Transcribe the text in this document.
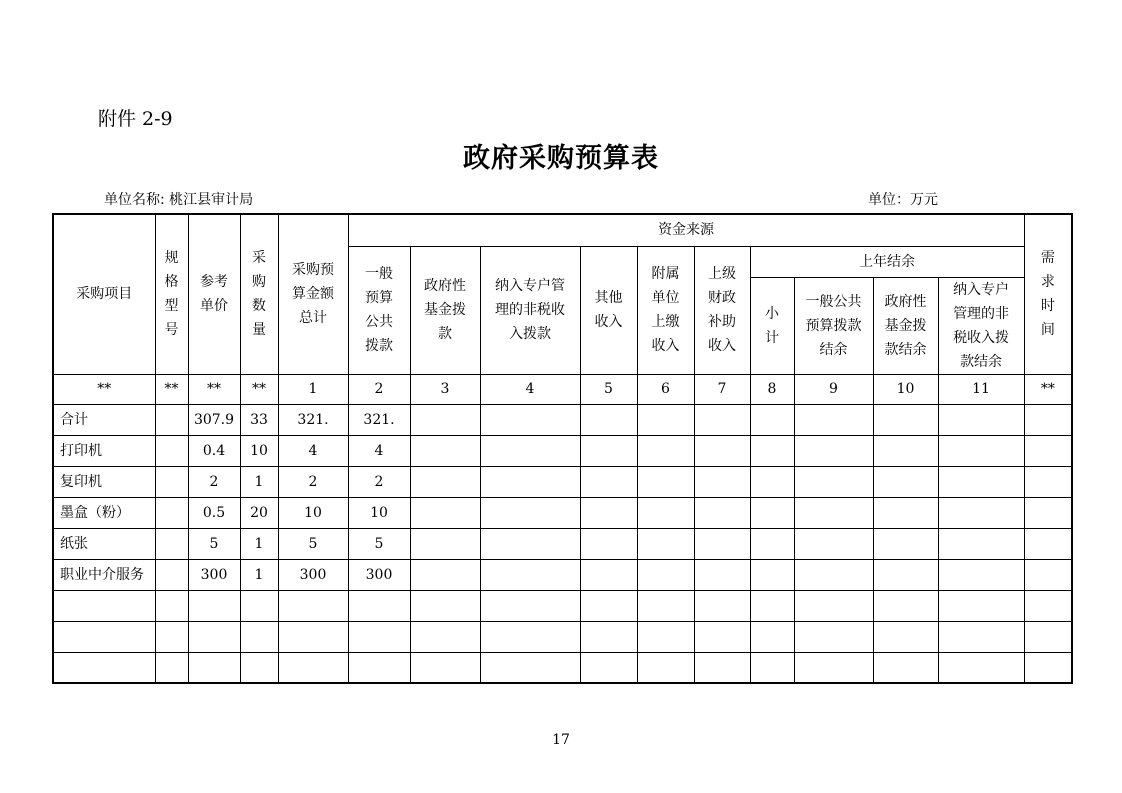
附件 2-9
政府采购预算表
单位名称: 桃江县审计局	单位：万元
采购项目	规
格
型
号	参考
单价	采
购
数
量	采购预
算金额
总计	资金来源										需
求
时
间
					一般
预算
公共
拨款	政府性
基金拨
款	纳入专户管
理的非税收
入拨款	其他
收入	附属
单位
上缴
收入	上级
财政
补助
收入	上年结余				
											小
计	一般公共
预算拨款
结余	政府性
基金拨
款结余	纳入专户
管理的非
税收入拨
款结余	
**	**	**	**	1	2	3	4	5	6	7	8	9	10	11	**
合计		307.9	33	321.	321.										
打印机		0.4	10	4	4										
复印机		2	1	2	2										
墨盒（粉）		0.5	20	10	10										
纸张		5	1	5	5										
职业中介服务		300	1	300	300										

17
